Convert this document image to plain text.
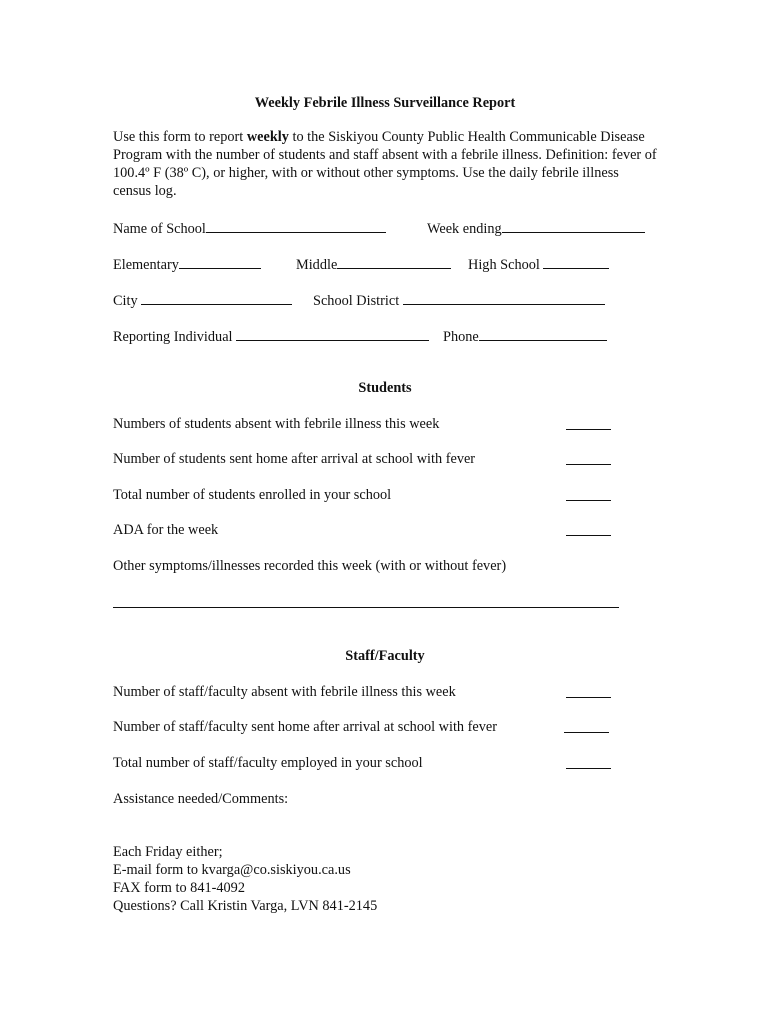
Weekly Febrile Illness Surveillance Report
Use this form to report weekly to the Siskiyou County Public Health Communicable Disease Program with the number of students and staff absent with a febrile illness. Definition: fever of 100.4º F (38º C), or higher, with or without other symptoms. Use the daily febrile illness census log.
Name of School	Week ending
Elementary	Middle	High School
City	School District
Reporting Individual	Phone
Students
Numbers of students absent with febrile illness this week
Number of students sent home after arrival at school with fever
Total number of students enrolled in your school
ADA for the week
Other symptoms/illnesses recorded this week (with or without fever)
Staff/Faculty
Number of staff/faculty absent with febrile illness this week
Number of staff/faculty sent home after arrival at school with fever
Total number of staff/faculty employed in your school
Assistance needed/Comments:
Each Friday either;
E-mail form to kvarga@co.siskiyou.ca.us
FAX form to 841-4092
Questions? Call Kristin Varga, LVN 841-2145
